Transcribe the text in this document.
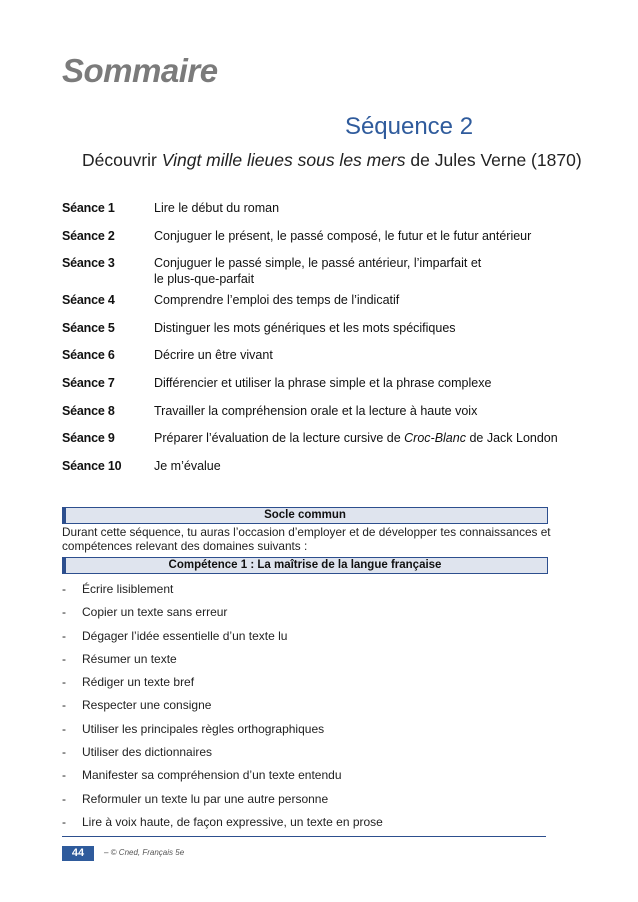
Sommaire
Séquence 2
Découvrir Vingt mille lieues sous les mers de Jules Verne (1870)
Séance 1	Lire le début du roman
Séance 2	Conjuguer le présent, le passé composé, le futur et le futur antérieur
Séance 3	Conjuguer le passé simple, le passé antérieur, l’imparfait et le plus-que-parfait
Séance 4	Comprendre l’emploi des temps de l’indicatif
Séance 5	Distinguer les mots génériques et les mots spécifiques
Séance 6	Décrire un être vivant
Séance 7	Différencier et utiliser la phrase simple et la phrase complexe
Séance 8	Travailler la compréhension orale et la lecture à haute voix
Séance 9	Préparer l’évaluation de la lecture cursive de Croc-Blanc de Jack London
Séance 10	Je m’évalue
Socle commun
Durant cette séquence, tu auras l’occasion d’employer et de développer tes connaissances et compétences relevant des domaines suivants :
Compétence 1 : La maîtrise de la langue française
-	Écrire lisiblement
-	Copier un texte sans erreur
-	Dégager l’idée essentielle d’un texte lu
-	Résumer un texte
-	Rédiger un texte bref
-	Respecter une consigne
-	Utiliser les principales règles orthographiques
-	Utiliser des dictionnaires
-	Manifester sa compréhension d’un texte entendu
-	Reformuler un texte lu par une autre personne
-	Lire à voix haute, de façon expressive, un texte en prose
44	– © Cned, Français 5e
